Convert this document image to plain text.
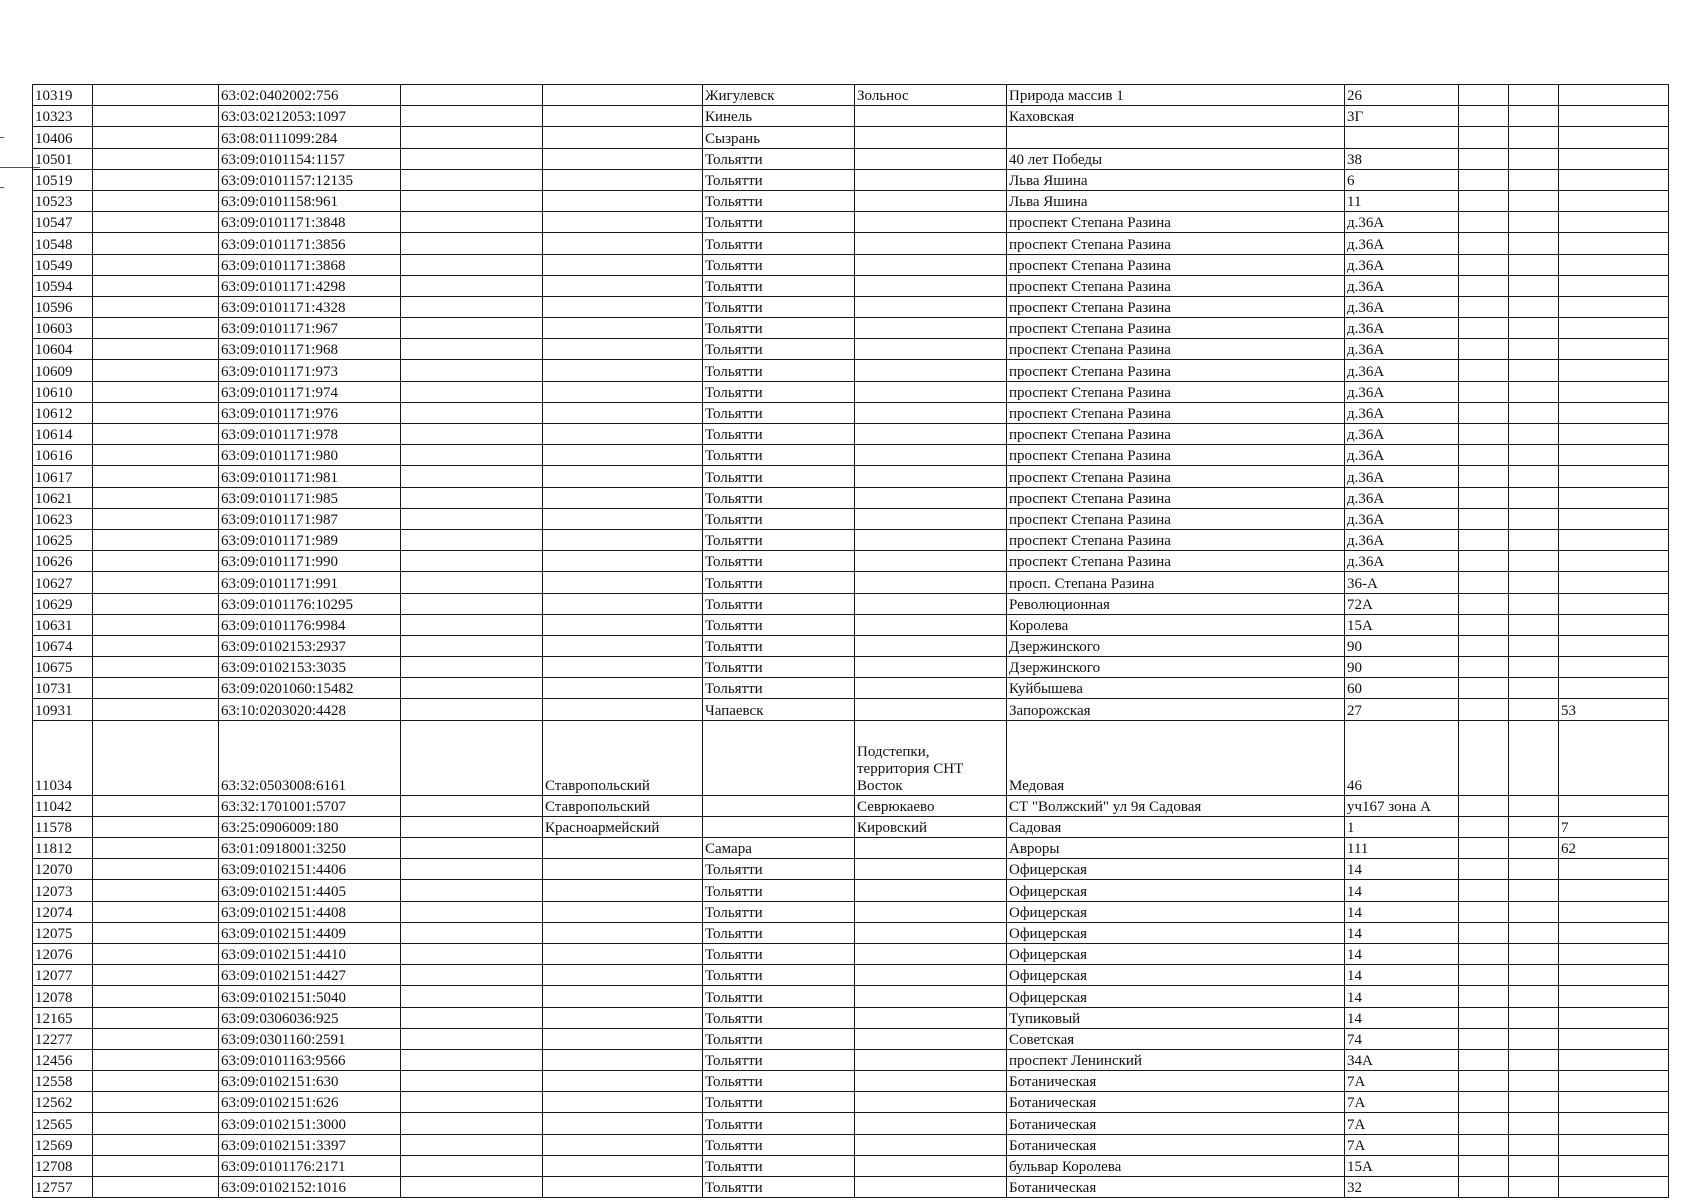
10319		63:02:0402002:756			Жигулевск	Зольнос	Природа массив 1	26			
10323		63:03:0212053:1097			Кинель		Каховская	3Г			
10406		63:08:0111099:284			Сызрань						
10501		63:09:0101154:1157			Тольятти		40 лет Победы	38			
10519		63:09:0101157:12135			Тольятти		Льва Яшина	6			
10523		63:09:0101158:961			Тольятти		Льва Яшина	11			
10547		63:09:0101171:3848			Тольятти		проспект Степана Разина	д.36А			
10548		63:09:0101171:3856			Тольятти		проспект Степана Разина	д.36А			
10549		63:09:0101171:3868			Тольятти		проспект Степана Разина	д.36А			
10594		63:09:0101171:4298			Тольятти		проспект Степана Разина	д.36А			
10596		63:09:0101171:4328			Тольятти		проспект Степана Разина	д.36А			
10603		63:09:0101171:967			Тольятти		проспект Степана Разина	д.36А			
10604		63:09:0101171:968			Тольятти		проспект Степана Разина	д.36А			
10609		63:09:0101171:973			Тольятти		проспект Степана Разина	д.36А			
10610		63:09:0101171:974			Тольятти		проспект Степана Разина	д.36А			
10612		63:09:0101171:976			Тольятти		проспект Степана Разина	д.36А			
10614		63:09:0101171:978			Тольятти		проспект Степана Разина	д.36А			
10616		63:09:0101171:980			Тольятти		проспект Степана Разина	д.36А			
10617		63:09:0101171:981			Тольятти		проспект Степана Разина	д.36А			
10621		63:09:0101171:985			Тольятти		проспект Степана Разина	д.36А			
10623		63:09:0101171:987			Тольятти		проспект Степана Разина	д.36А			
10625		63:09:0101171:989			Тольятти		проспект Степана Разина	д.36А			
10626		63:09:0101171:990			Тольятти		проспект Степана Разина	д.36А			
10627		63:09:0101171:991			Тольятти		просп. Степана Разина	36-А			
10629		63:09:0101176:10295			Тольятти		Революционная	72А			
10631		63:09:0101176:9984			Тольятти		Королева	15А			
10674		63:09:0102153:2937			Тольятти		Дзержинского	90			
10675		63:09:0102153:3035			Тольятти		Дзержинского	90			
10731		63:09:0201060:15482			Тольятти		Куйбышева	60			
10931		63:10:0203020:4428			Чапаевск		Запорожская	27			53
11034		63:32:0503008:6161		Ставропольский		Подстепки, территория СНТ Восток	Медовая	46			
11042		63:32:1701001:5707		Ставропольский		Севрюкаево	СТ "Волжский" ул 9я Садовая	уч167 зона А			
11578		63:25:0906009:180		Красноармейский		Кировский	Садовая	1			7
11812		63:01:0918001:3250			Самара		Авроры	111			62
12070		63:09:0102151:4406			Тольятти		Офицерская	14			
12073		63:09:0102151:4405			Тольятти		Офицерская	14			
12074		63:09:0102151:4408			Тольятти		Офицерская	14			
12075		63:09:0102151:4409			Тольятти		Офицерская	14			
12076		63:09:0102151:4410			Тольятти		Офицерская	14			
12077		63:09:0102151:4427			Тольятти		Офицерская	14			
12078		63:09:0102151:5040			Тольятти		Офицерская	14			
12165		63:09:0306036:925			Тольятти		Тупиковый	14			
12277		63:09:0301160:2591			Тольятти		Советская	74			
12456		63:09:0101163:9566			Тольятти		проспект Ленинский	34А			
12558		63:09:0102151:630			Тольятти		Ботаническая	7А			
12562		63:09:0102151:626			Тольятти		Ботаническая	7А			
12565		63:09:0102151:3000			Тольятти		Ботаническая	7А			
12569		63:09:0102151:3397			Тольятти		Ботаническая	7А			
12708		63:09:0101176:2171			Тольятти		бульвар Королева	15А			
12757		63:09:0102152:1016			Тольятти		Ботаническая	32			
